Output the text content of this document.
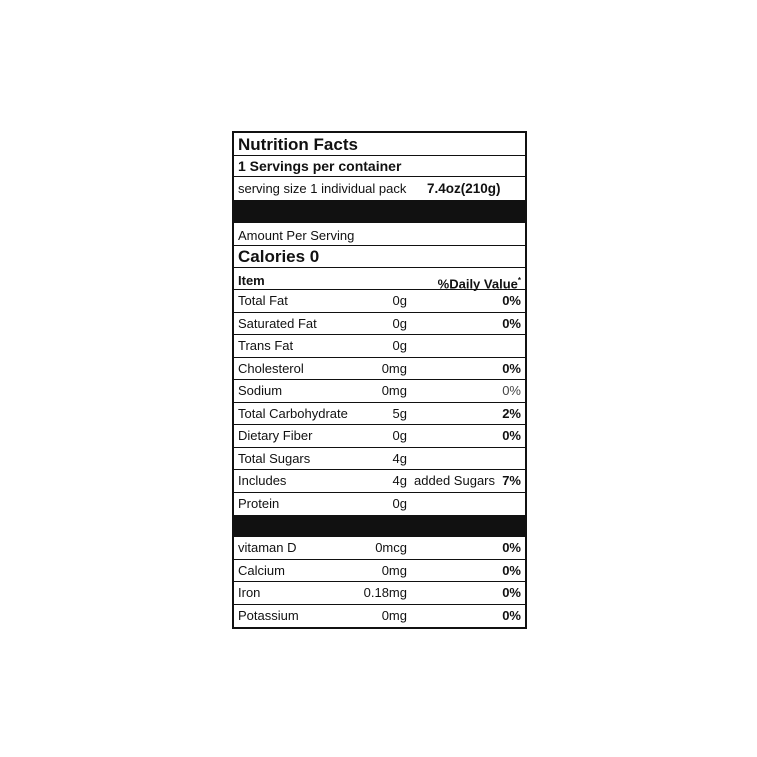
Nutrition Facts
1 Servings per container
serving size 1 individual pack 7.4oz(210g)
Amount Per Serving
Calories 0
Item	%Daily Value*
Total Fat	0g	0%
Saturated Fat	0g	0%
Trans Fat	0g
Cholesterol	0mg	0%
Sodium	0mg	0%
Total Carbohydrate	5g	2%
Dietary Fiber	0g	0%
Total Sugars	4g
Includes	4g added Sugars 7%
Protein	0g
vitaman D	0mcg	0%
Calcium	0mg	0%
Iron	0.18mg	0%
Potassium	0mg	0%
